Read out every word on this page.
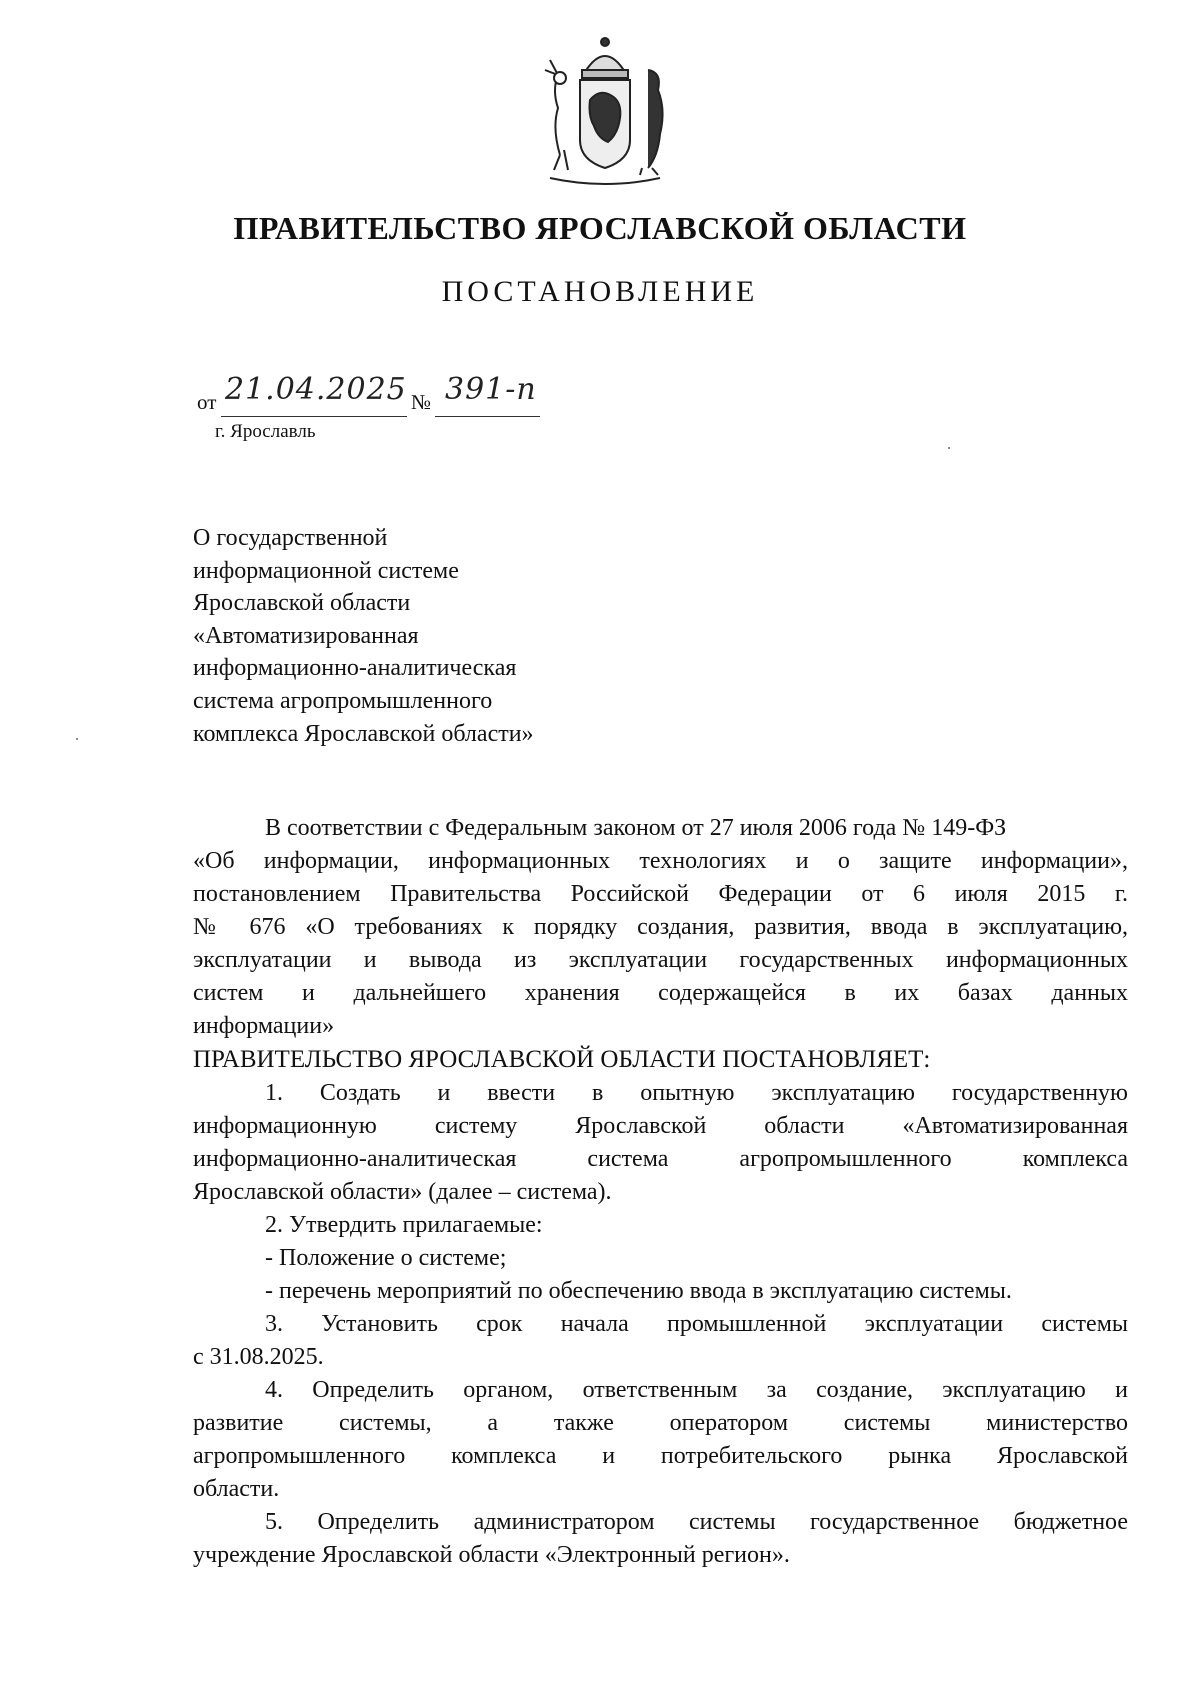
ПРАВИТЕЛЬСТВО ЯРОСЛАВСКОЙ ОБЛАСТИ
ПОСТАНОВЛЕНИЕ
от 21.04.2025 № 391-п
г. Ярославль
О государственной
информационной системе
Ярославской области
«Автоматизированная
информационно-аналитическая
система агропромышленного
комплекса Ярославской области»
В соответствии с Федеральным законом от 27 июля 2006 года № 149-ФЗ
«Об информации, информационных технологиях и о защите информации»,
постановлением Правительства Российской Федерации от 6 июля 2015 г.
№ 676 «О требованиях к порядку создания, развития, ввода в эксплуатацию,
эксплуатации и вывода из эксплуатации государственных информационных
систем и дальнейшего хранения содержащейся в их базах данных
информации»
ПРАВИТЕЛЬСТВО ЯРОСЛАВСКОЙ ОБЛАСТИ ПОСТАНОВЛЯЕТ:
1. Создать и ввести в опытную эксплуатацию государственную
информационную систему Ярославской области «Автоматизированная
информационно-аналитическая система агропромышленного комплекса
Ярославской области» (далее – система).
2. Утвердить прилагаемые:
- Положение о системе;
- перечень мероприятий по обеспечению ввода в эксплуатацию системы.
3. Установить срок начала промышленной эксплуатации системы
с 31.08.2025.
4. Определить органом, ответственным за создание, эксплуатацию и
развитие системы, а также оператором системы министерство
агропромышленного комплекса и потребительского рынка Ярославской
области.
5. Определить администратором системы государственное бюджетное
учреждение Ярославской области «Электронный регион».
